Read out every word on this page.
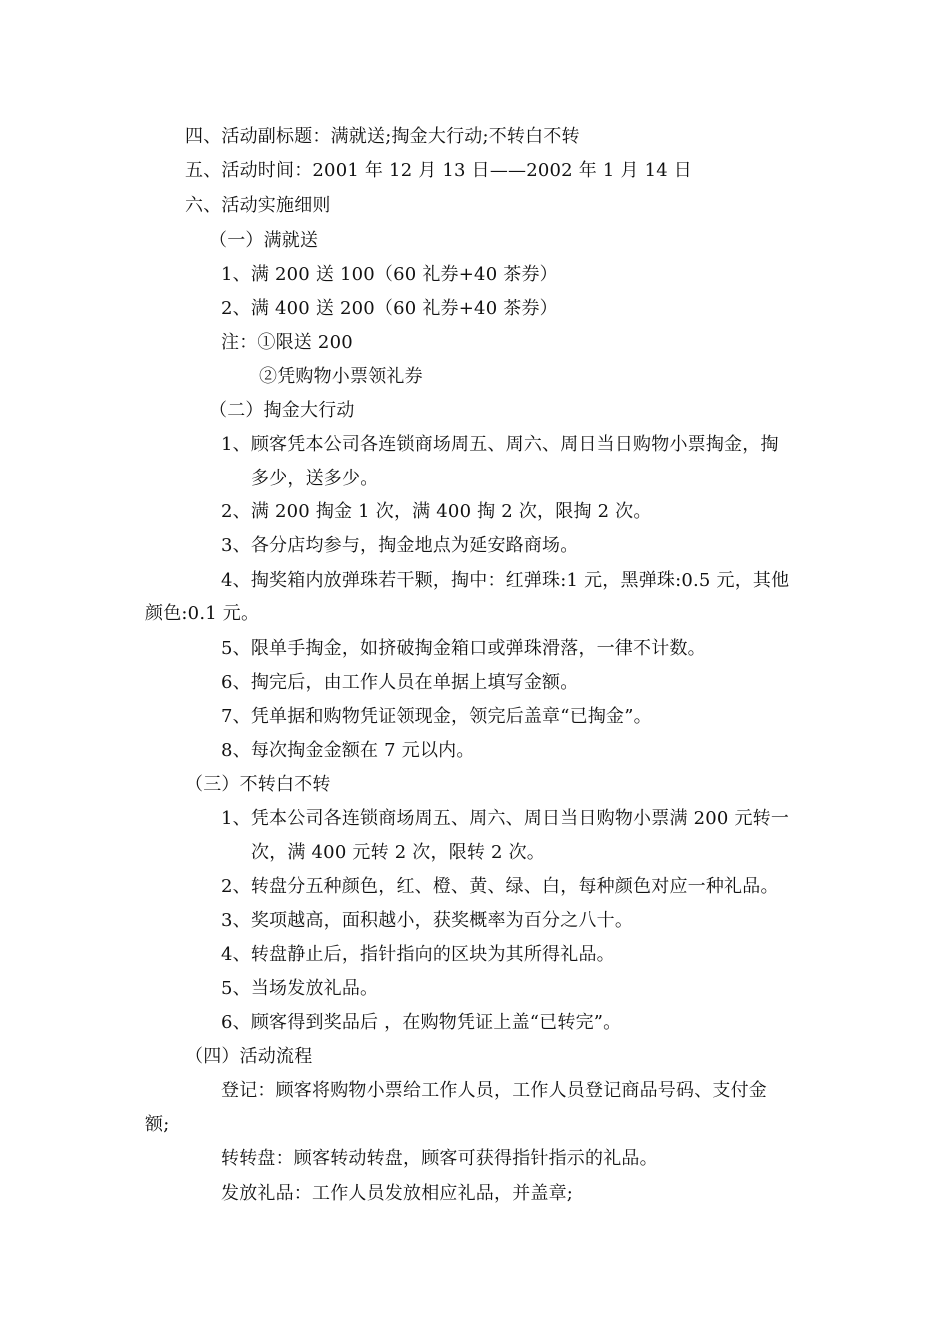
四、活动副标题：满就送;掏金大行动;不转白不转
五、活动时间：2001 年 12 月 13 日——2002 年 1 月 14 日
六、活动实施细则
（一）满就送
1、满 200 送 100（60 礼券+40 茶券）
2、满 400 送 200（60 礼券+40 茶券）
注：①限送 200
②凭购物小票领礼券
（二）掏金大行动
1、顾客凭本公司各连锁商场周五、周六、周日当日购物小票掏金，掏
多少，送多少。
2、满 200 掏金 1 次，满 400 掏 2 次，限掏 2 次。
3、各分店均参与，掏金地点为延安路商场。
4、掏奖箱内放弹珠若干颗，掏中：红弹珠:1 元，黑弹珠:0.5 元，其他
颜色:0.1 元。
5、限单手掏金，如挤破掏金箱口或弹珠滑落，一律不计数。
6、掏完后，由工作人员在单据上填写金额。
7、凭单据和购物凭证领现金，领完后盖章“已掏金”。
8、每次掏金金额在 7 元以内。
（三）不转白不转
1、凭本公司各连锁商场周五、周六、周日当日购物小票满 200 元转一
次，满 400 元转 2 次，限转 2 次。
2、转盘分五种颜色，红、橙、黄、绿、白，每种颜色对应一种礼品。
3、奖项越高，面积越小，获奖概率为百分之八十。
4、转盘静止后，指针指向的区块为其所得礼品。
5、当场发放礼品。
6、顾客得到奖品后 ，在购物凭证上盖“已转完”。
（四）活动流程
登记：顾客将购物小票给工作人员，工作人员登记商品号码、支付金
额;
转转盘：顾客转动转盘，顾客可获得指针指示的礼品。
发放礼品：工作人员发放相应礼品，并盖章;
